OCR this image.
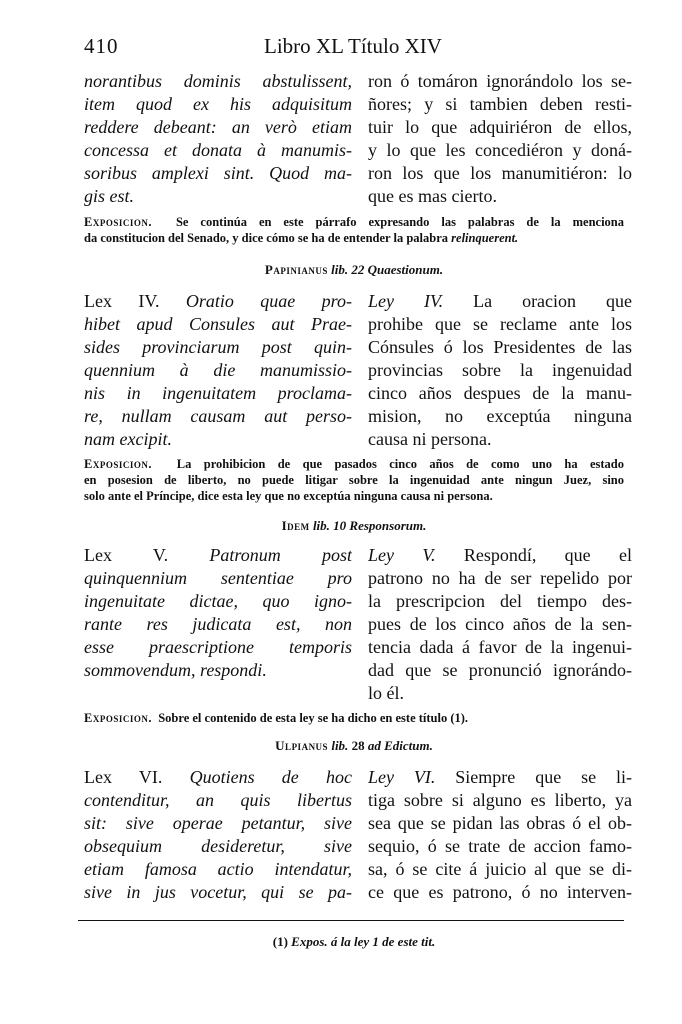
410	Libro XL Título XIV
norantibus dominis abstulissent,
item quod ex his adquisitum
reddere debeant: an verò etiam
concessa et donata à manumis-
soribus amplexi sint. Quod ma-
gis est.
ron ó tomáron ignorándolo los se-
ñores; y si tambien deben resti-
tuir lo que adquiriéron de ellos,
y lo que les concediéron y doná-
ron los que los manumitiéron: lo
que es mas cierto.
Exposicion. Se continúa en este párrafo expresando las palabras de la menciona
da constitucion del Senado, y dice cómo se ha de entender la palabra relinquerent.
Papinianus lib. 22 Quaestionum.
Lex IV. Oratio quae pro-
hibet apud Consules aut Prae-
sides provinciarum post quin-
quennium à die manumissio-
nis in ingenuitatem proclama-
re, nullam causam aut perso-
nam excipit.
Ley IV. La oracion que
prohibe que se reclame ante los
Cónsules ó los Presidentes de las
provincias sobre la ingenuidad
cinco años despues de la manu-
mision, no exceptúa ninguna
causa ni persona.
Exposicion. La prohibicion de que pasados cinco años de como uno ha estado
en posesion de liberto, no puede litigar sobre la ingenuidad ante ningun Juez, sino
solo ante el Príncipe, dice esta ley que no exceptúa ninguna causa ni persona.
Idem lib. 10 Responsorum.
Lex V. Patronum post
quinquennium sententiae pro
ingenuitate dictae, quo igno-
rante res judicata est, non
esse praescriptione temporis
sommovendum, respondi.
Ley V. Respondí, que el
patrono no ha de ser repelido por
la prescripcion del tiempo des-
pues de los cinco años de la sen-
tencia dada á favor de la ingenui-
dad que se pronunció ignorándo-
lo él.
Exposicion. Sobre el contenido de esta ley se ha dicho en este título (1).
Ulpianus lib. 28 ad Edictum.
Lex VI. Quotiens de hoc
contenditur, an quis libertus
sit: sive operae petantur, sive
obsequium desideretur, sive
etiam famosa actio intendatur,
sive in jus vocetur, qui se pa-
Ley VI. Siempre que se li-
tiga sobre si alguno es liberto, ya
sea que se pidan las obras ó el ob-
sequio, ó se trate de accion famo-
sa, ó se cite á juicio al que se di-
ce que es patrono, ó no interven-
(1) Expos. á la ley 1 de este tit.
